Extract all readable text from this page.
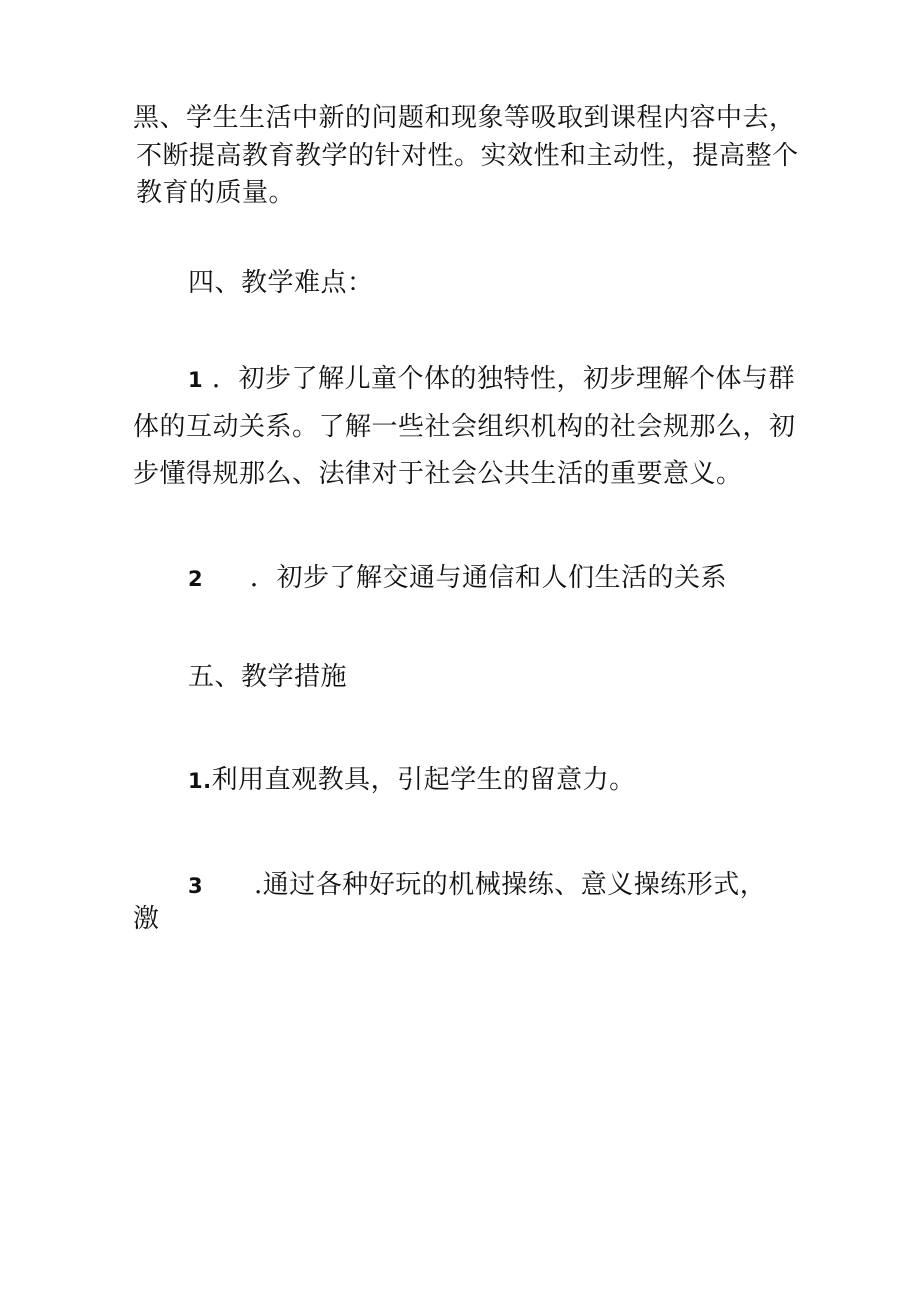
黑、学生生活中新的问题和现象等吸取到课程内容中去，
不断提高教育教学的针对性。实效性和主动性，提高整个
教育的质量。
四、教学难点：
1 ．初步了解儿童个体的独特性，初步理解个体与群
体的互动关系。了解一些社会组织机构的社会规那么，初
步懂得规那么、法律对于社会公共生活的重要意义。
2 ．初步了解交通与通信和人们生活的关系
五、教学措施
1.利用直观教具，引起学生的留意力。
3 .通过各种好玩的机械操练、意义操练形式，
激
